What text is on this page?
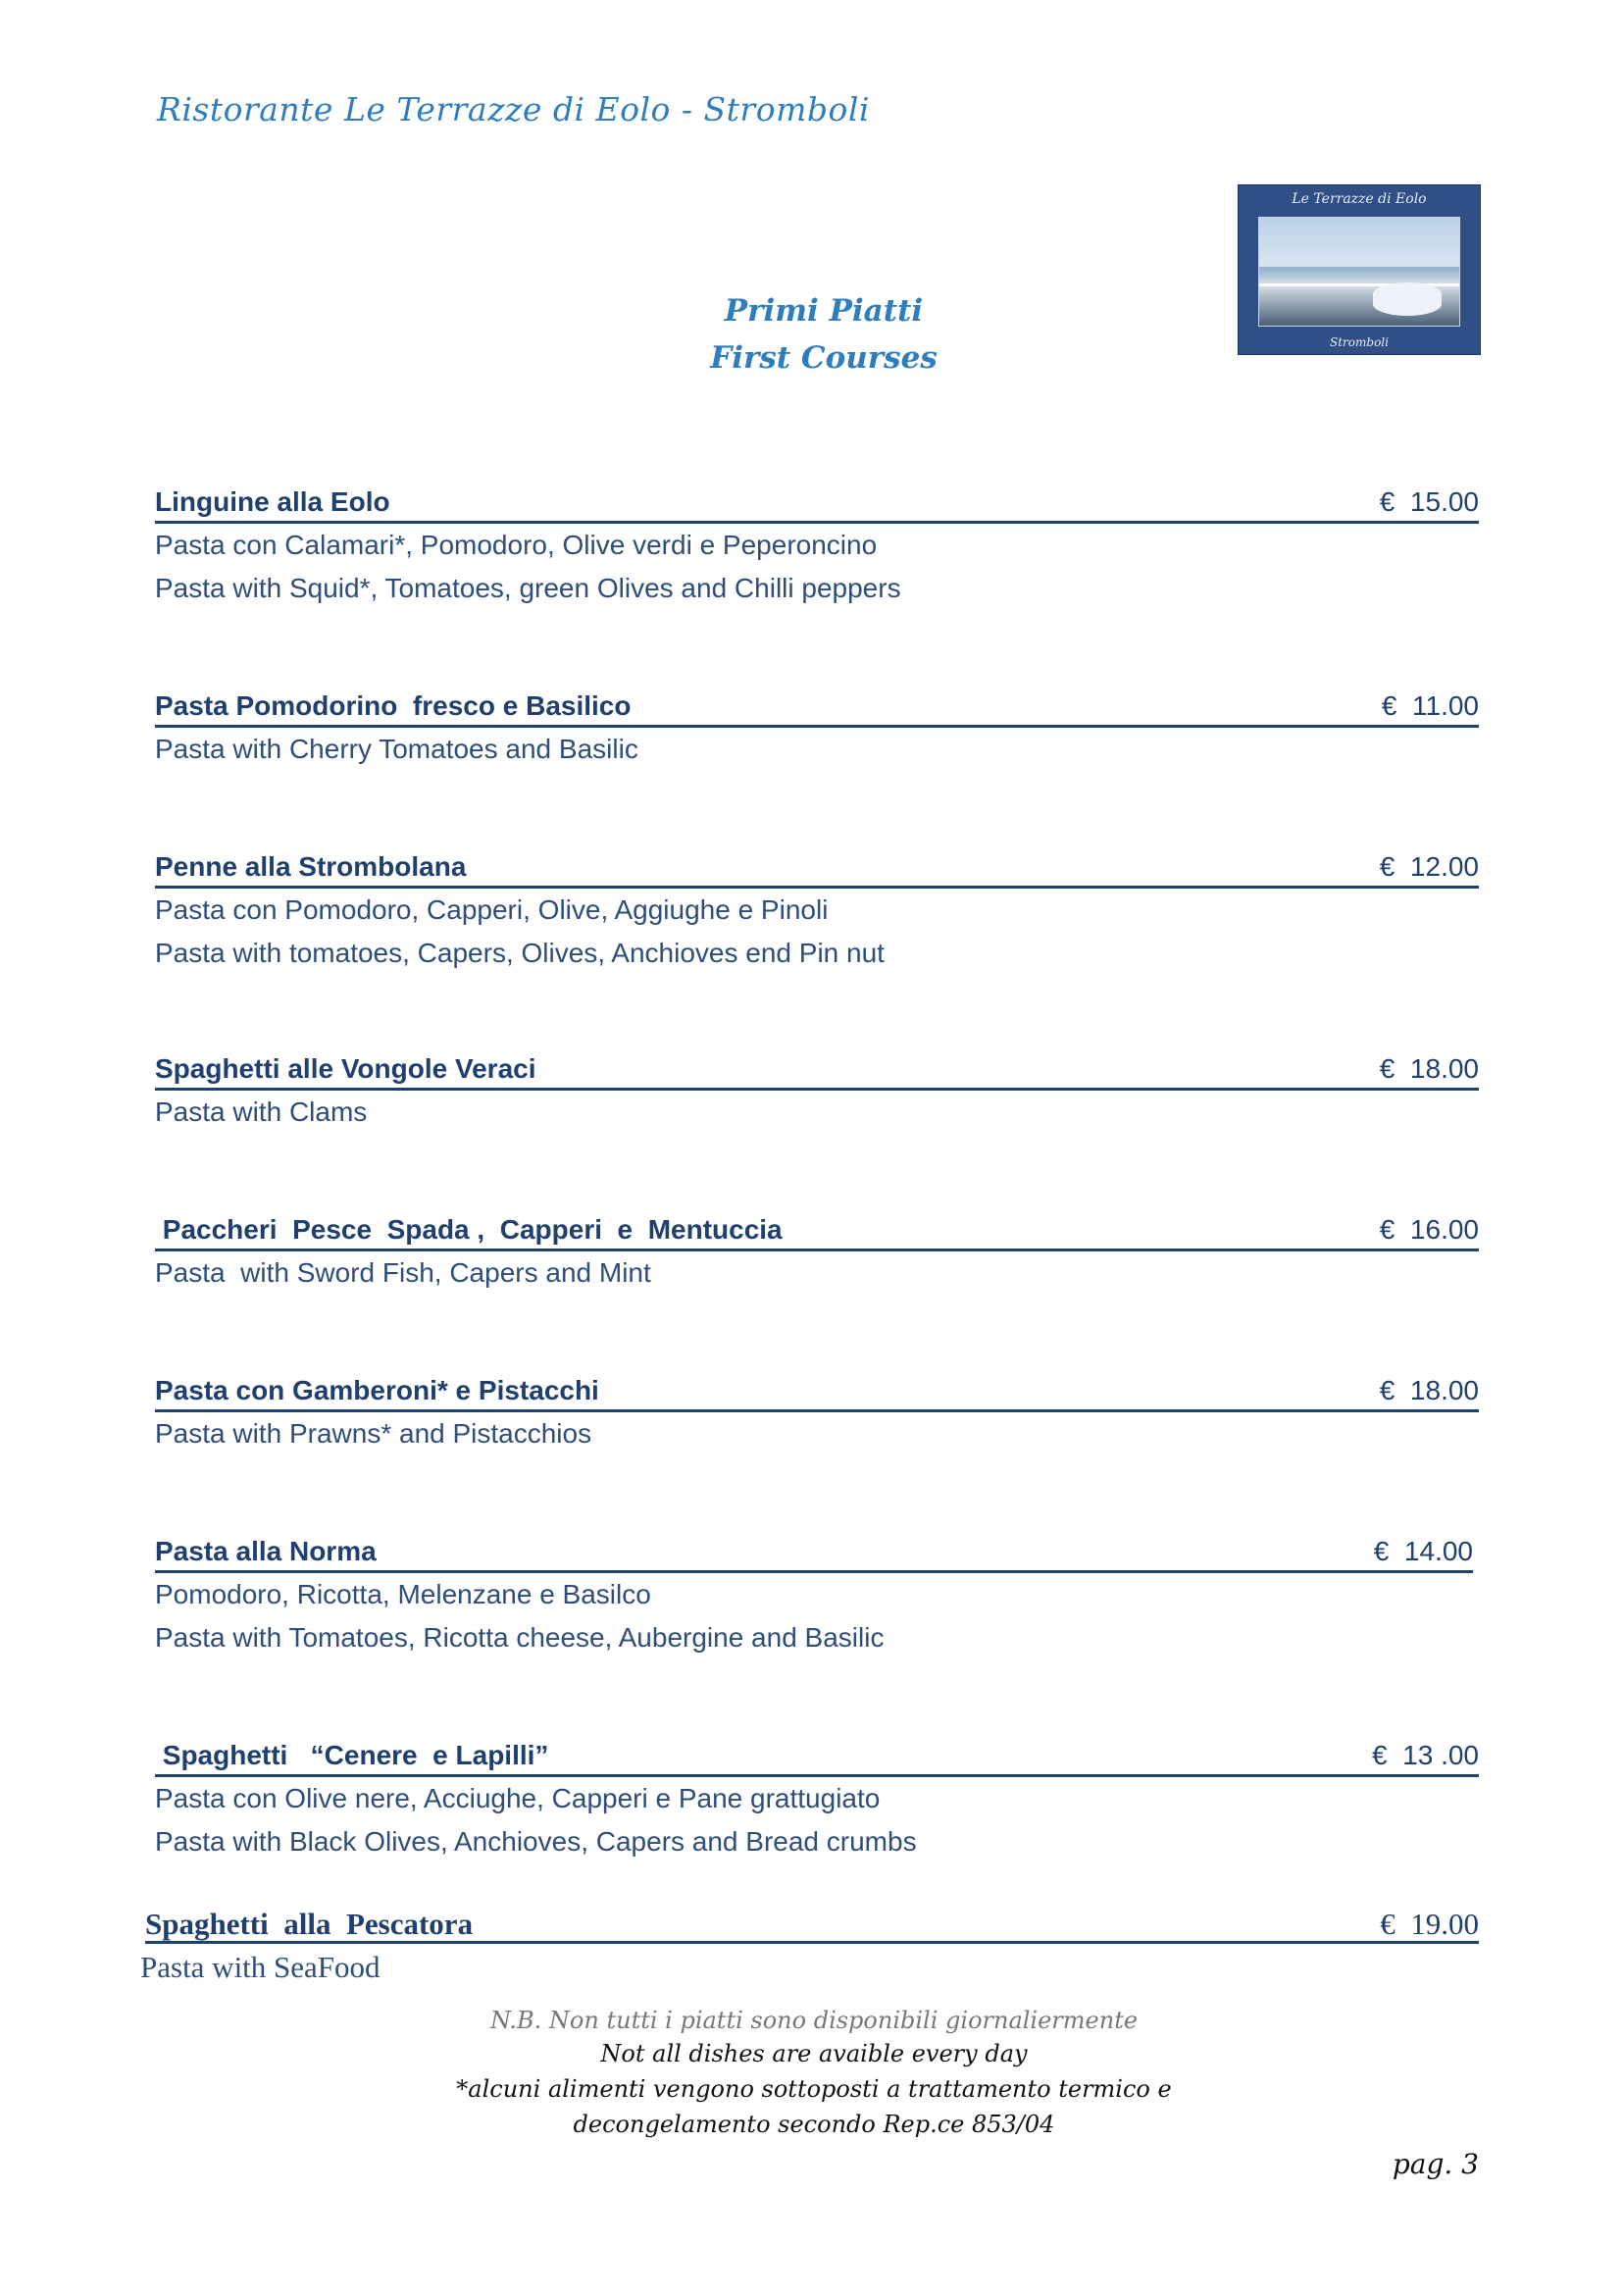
Ristorante Le Terrazze di Eolo - Stromboli
Le Terrazze di Eolo
Stromboli
Primi Piatti
First Courses
Linguine alla Eolo	€  15.00
Pasta con Calamari*, Pomodoro, Olive verdi e Peperoncino
Pasta with Squid*, Tomatoes, green Olives and Chilli peppers
Pasta Pomodorino  fresco e Basilico	€  11.00
Pasta with Cherry Tomatoes and Basilic
Penne alla Strombolana	€  12.00
Pasta con Pomodoro, Capperi, Olive, Aggiughe e Pinoli
Pasta with tomatoes, Capers, Olives, Anchioves end Pin nut
Spaghetti alle Vongole Veraci	€  18.00
Pasta with Clams
Paccheri  Pesce  Spada ,  Capperi  e  Mentuccia	€  16.00
Pasta  with Sword Fish, Capers and Mint
Pasta con Gamberoni* e Pistacchi	€  18.00
Pasta with Prawns* and Pistacchios
Pasta alla Norma	€  14.00
Pomodoro, Ricotta, Melenzane e Basilco
Pasta with Tomatoes, Ricotta cheese, Aubergine and Basilic
Spaghetti   “Cenere  e Lapilli”	€  13 .00
Pasta con Olive nere, Acciughe, Capperi e Pane grattugiato
Pasta with Black Olives, Anchioves, Capers and Bread crumbs
Spaghetti  alla  Pescatora	€  19.00
Pasta with SeaFood
N.B. Non tutti i piatti sono disponibili giornaliermente
Not all dishes are avaible every day
*alcuni alimenti vengono sottoposti a trattamento termico e
decongelamento secondo Rep.ce 853/04
pag. 3
